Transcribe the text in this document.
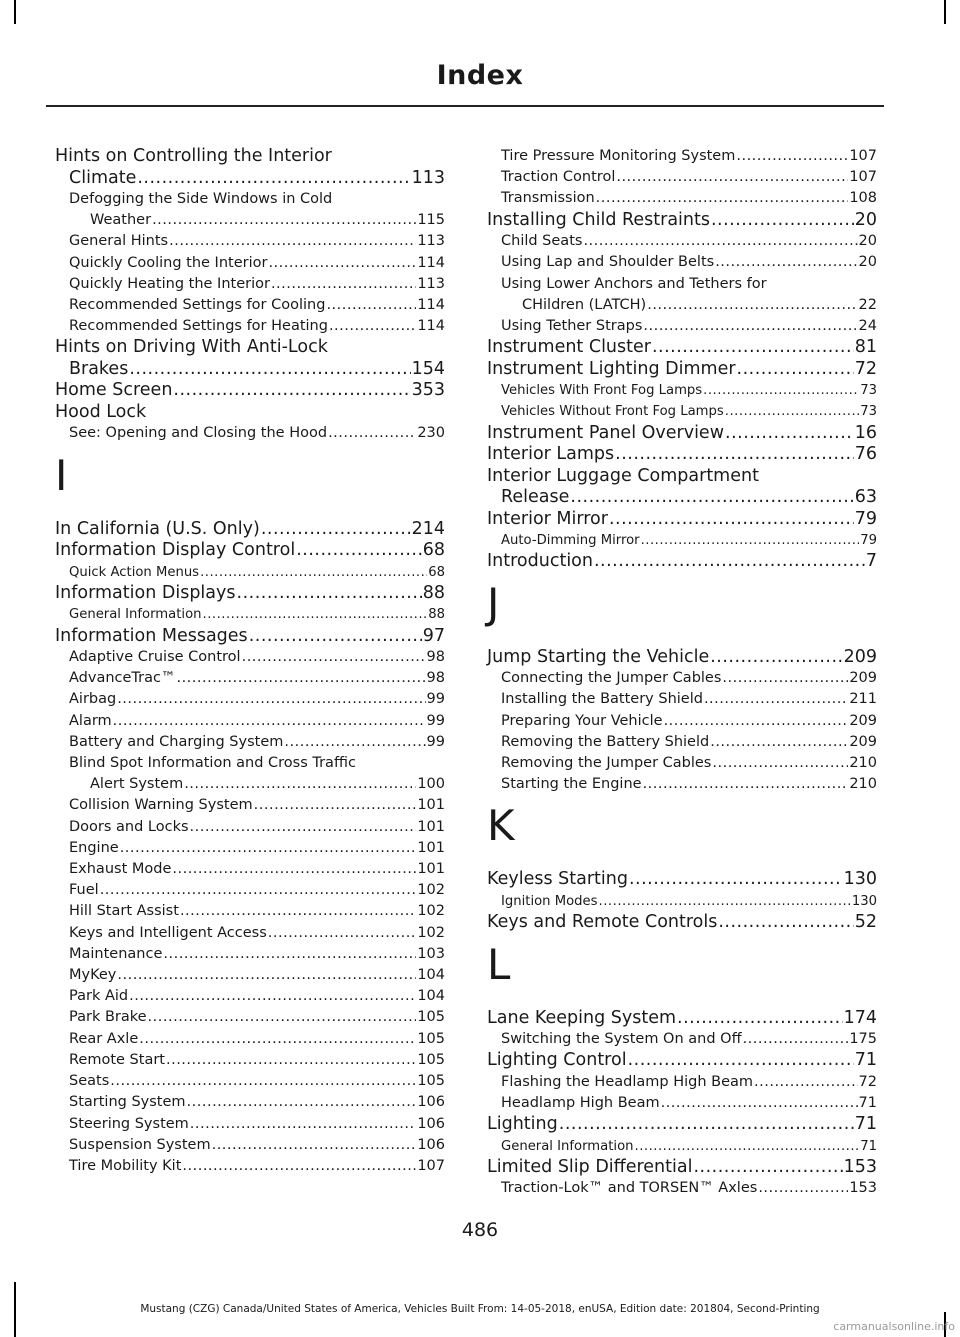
Index
Hints on Controlling the Interior
Climate .....	113
Defogging the Side Windows in Cold
Weather .....	115
General Hints .....	113
Quickly Cooling the Interior .....	114
Quickly Heating the Interior .....	113
Recommended Settings for Cooling .....	114
Recommended Settings for Heating .....	114
Hints on Driving With Anti-Lock
Brakes .....	154
Home Screen .....	353
Hood Lock
See: Opening and Closing the Hood .....	230
I
In California (U.S. Only) .....	214
Information Display Control .....	68
Quick Action Menus .....	68
Information Displays .....	88
General Information .....	88
Information Messages .....	97
Adaptive Cruise Control .....	98
AdvanceTrac™ .....	98
Airbag .....	99
Alarm .....	99
Battery and Charging System .....	99
Blind Spot Information and Cross Traffic
Alert System .....	100
Collision Warning System .....	101
Doors and Locks .....	101
Engine .....	101
Exhaust Mode .....	101
Fuel .....	102
Hill Start Assist .....	102
Keys and Intelligent Access .....	102
Maintenance .....	103
MyKey .....	104
Park Aid .....	104
Park Brake .....	105
Rear Axle .....	105
Remote Start .....	105
Seats .....	105
Starting System .....	106
Steering System .....	106
Suspension System .....	106
Tire Mobility Kit .....	107
Tire Pressure Monitoring System .....	107
Traction Control .....	107
Transmission .....	108
Installing Child Restraints .....	20
Child Seats .....	20
Using Lap and Shoulder Belts .....	20
Using Lower Anchors and Tethers for
CHildren (LATCH) .....	22
Using Tether Straps .....	24
Instrument Cluster .....	81
Instrument Lighting Dimmer .....	72
Vehicles With Front Fog Lamps .....	73
Vehicles Without Front Fog Lamps .....	73
Instrument Panel Overview .....	16
Interior Lamps .....	76
Interior Luggage Compartment
Release .....	63
Interior Mirror .....	79
Auto-Dimming Mirror .....	79
Introduction .....	7
J
Jump Starting the Vehicle .....	209
Connecting the Jumper Cables .....	209
Installing the Battery Shield .....	211
Preparing Your Vehicle .....	209
Removing the Battery Shield .....	209
Removing the Jumper Cables .....	210
Starting the Engine .....	210
K
Keyless Starting .....	130
Ignition Modes .....	130
Keys and Remote Controls .....	52
L
Lane Keeping System .....	174
Switching the System On and Off .....	175
Lighting Control .....	71
Flashing the Headlamp High Beam .....	72
Headlamp High Beam .....	71
Lighting .....	71
General Information .....	71
Limited Slip Differential .....	153
Traction-Lok™ and TORSEN™ Axles .....	153
486
Mustang (CZG) Canada/United States of America, Vehicles Built From: 14-05-2018, enUSA, Edition date: 201804, Second-Printing
carmanualsonline.info
